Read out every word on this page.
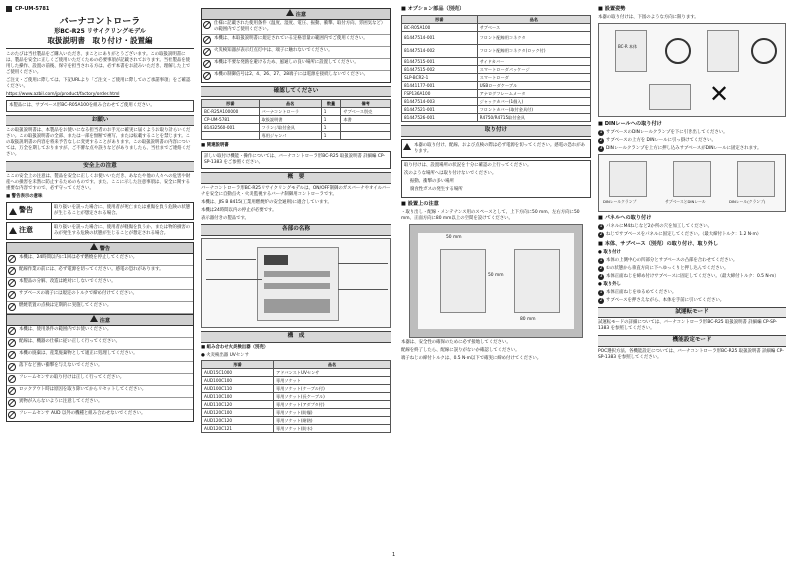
CP-UM-5781
バーナコントローラ
形BC-R25 リサイクリングモデル
取扱説明書　取り付け・設置編

このたびは当社製品をご購入いただき、まことにありがとうございます。この取扱説明書には、製品を安全に正しくご使用いただくための必要事項が記載されております。当社製品を使用した操作、設置の前後、保守を担当される方は、必ず本書をお読みいただき、理解した上でご使用ください。

ご注文・ご使用に際しては、下記URLより「ご注文・ご使用に際してのご承諾事項」をご確認ください。

https://www.azbil.com/jp/product/factory/order.html

本製品には、サブベース形BC-R05A100を組み合わせてご使用ください。
お願い

この取扱説明書は、本製品をお使いになる担当者のお手元に確実に届くようお取り計らいください。この取扱説明書の全部、または一部を無断で複写、または転載することを禁じます。この取扱説明書の内容を将来予告なしに変更することがあります。この取扱説明書の内容については、万全を期しておりますが、ご不審な点や誤りなどがありましたら、当社までご連絡ください。

安全上の注意

ここの安全上の注意は、製品を安全に正しくお使いいただき、あなたや他の人々への危害や財産への損害を未然に防止するためのものです。また、ここに示した注意事項は、安全に関する重要な内容ですので、必ず守ってください。

■ 警告表示の意味

警告	取り扱いを誤った場合に、使用者が死亡または重傷を負う危険の状態が生じることが想定される場合。
注意	取り扱いを誤った場合に、使用者が軽傷を負うか、または物的損害のみが発生する危険の状態が生じることが想定される場合。
警告
本機は、24時間以内に1回は必ず燃焼を停止してください。
配線作業の前には、必ず電源を切ってください。感電の恐れがあります。
本製品の分解、改造は絶対にしないでください。
サブベースの端子には規定のトルクで締め付けてください。
燃焼装置の点検は定期的に実施してください。
注意
本機は、使用条件の範囲内でお使いください。
配線は、機器の仕様に従い正しく行ってください。
本機の廃棄は、産業廃棄物として適正に処理してください。
落下など強い衝撃を与えないでください。
フレームセンサの取り付けは正しく行ってください。
ロックアウト時は原因を取り除いてからリセットしてください。
異物が入らないように注意してください。
フレームセンサ AUD 以外の機種と組み合わせないでください。
注意
仕様に記載された使用条件（温度、湿度、電圧、振動、衝撃、取付方向、雰囲気など）の範囲内でご使用ください。
本機は、本取扱説明書に規定されている定格容量の範囲内でご使用ください。
火災検知器が表示灯点灯中は、端子に触れないでください。
本機は不要な発熱を避けるため、風通しの良い場所に設置してください。
本機の制御信号は2、4、26、27、28端子には電源を接続しないでください。
確認してください
形番	品名	数量	備考
BC-R25A100000	バーナコントローラ	1	サブベース別売
CP-UM-5781	取扱説明書	1	本書
81432560-001	フランジ取付金具	1	
	専用ジャンパ	1	

■ 関連説明書

詳しい取付け機能・操作については、バーナコントローラ形BC-R25 取扱説明書 詳細編 CP-SP-1383 をご参照ください。
概　要

バーナコントローラ形BC-R25リサイクリングモデルは、ON/OFF制御のガスバーナやオイルバーナを安全に自動点火・火炎監視するバーナ制御用コントローラです。

本機は、JIS B 8415(工業用燃焼炉の安全通則)に適合しています。

本機は24時間以内の停止が必要です。

表示器付きの製品です。

各部の名称
構　成

■ 組み合わせ火炎検出器（別売）

● 火炎検出器 UVセンサ

形番	品名
AUD15C1000	アドバンストUVセンサ
AUD100C100	専用ソケット
AUD100C110	専用ソケット(ケーブル付)
AUD110C100	専用ソケット(長ケーブル)
AUD110C120	専用ソケット(アダプタ付)
AUD120C100	専用ソケット(防爆)
AUD120C120	専用ソケット(耐熱)
AUD120C121	専用ソケット(防水)

■ オプション部品（別売）

形番	品名
BC-R05A100	サブベース
81447514-001	フロント配線用コネクタ
81447514-002	フロント配線用コネクタ(ロック付)
81447515-001	サイドカバー
81447515-002	スマートローダパッケージ
SLP-BCR2-1	スマートローダ
81441177-001	USBローダケーブル
FSP136A100	アナログフレームメータ
81447514-003	ジャックカバー(1個入)
81447521-001	フロントカバー(取付金具付)
81447526-001	R4750/R4715取付金具
取り付け
本器の取り付け、配線、および点検の際は必ず電源を切ってください。感電の恐れがあります。

取り付けは、設置場所の状況を十分に確認の上行ってください。

次のような場所へは取り付けないでください。

振動、衝撃の多い場所

腐食性ガスの発生する場所

■ 設置上の注意

・取り出し・配線・メンテナンス用のスペースとして、上下方向に50 mm、左右方向に50 mm、正面方向に80 mm以上の空間を設けてください。

50 mm
50 mm
80 mm

本器は、安全性の確保のために必ず接地してください。

配線を終了したら、配線に誤りがないか確認してください。

端子ねじの締付トルクは、0.5 N·m以下で確実に締め付けてください。

■ 設置姿勢

本器の取り付けは、下図のような方向に限ります。

BC-R 本体
✕

■ DINレールへの取り付け

1 サブベースのDINレールクランプを下に引き出してください。

2 サブベースの上方を DINレールに引っ掛けてください。

3 DINレールクランプを上方に押し込みサブベースがDINレールに固定されます。

DINレールクランプ	サブベースとDINレール	DINレール(クランプ)

■ パネルへの取り付け

1 パネルにM4ねじなど2か所の穴を加工してください。

2 ねじでサブベースをパネルに固定してください。（最大締付トルク：1.2 N·m）

■ 本体、サブベース（別売）の取り付け、取り外し

● 取り付け

1 本体の上側中心の凹部分とサブベースの凸部を合わせてください。

2 ①の状態から垂直方向に下へゆっくりと押し込んでください。

3 本体正面ねじを締め付けサブベースに固定してください。（最大締付トルク：0.5 N·m）

● 取り外し

1 本体正面ねじをゆるめてください。

2 サブベースを押さえながら、本体を手前に引いてください。

試運転モード

試運転モードの詳細については、バーナコントローラ形BC-R25 取扱説明書 詳細編 CP-SP-1383 を参照してください。

機能設定モード

POC選択方法、各機能設定については、バーナコントローラ形BC-R25 取扱説明書 詳細編 CP-SP-1383 を参照してください。

1
